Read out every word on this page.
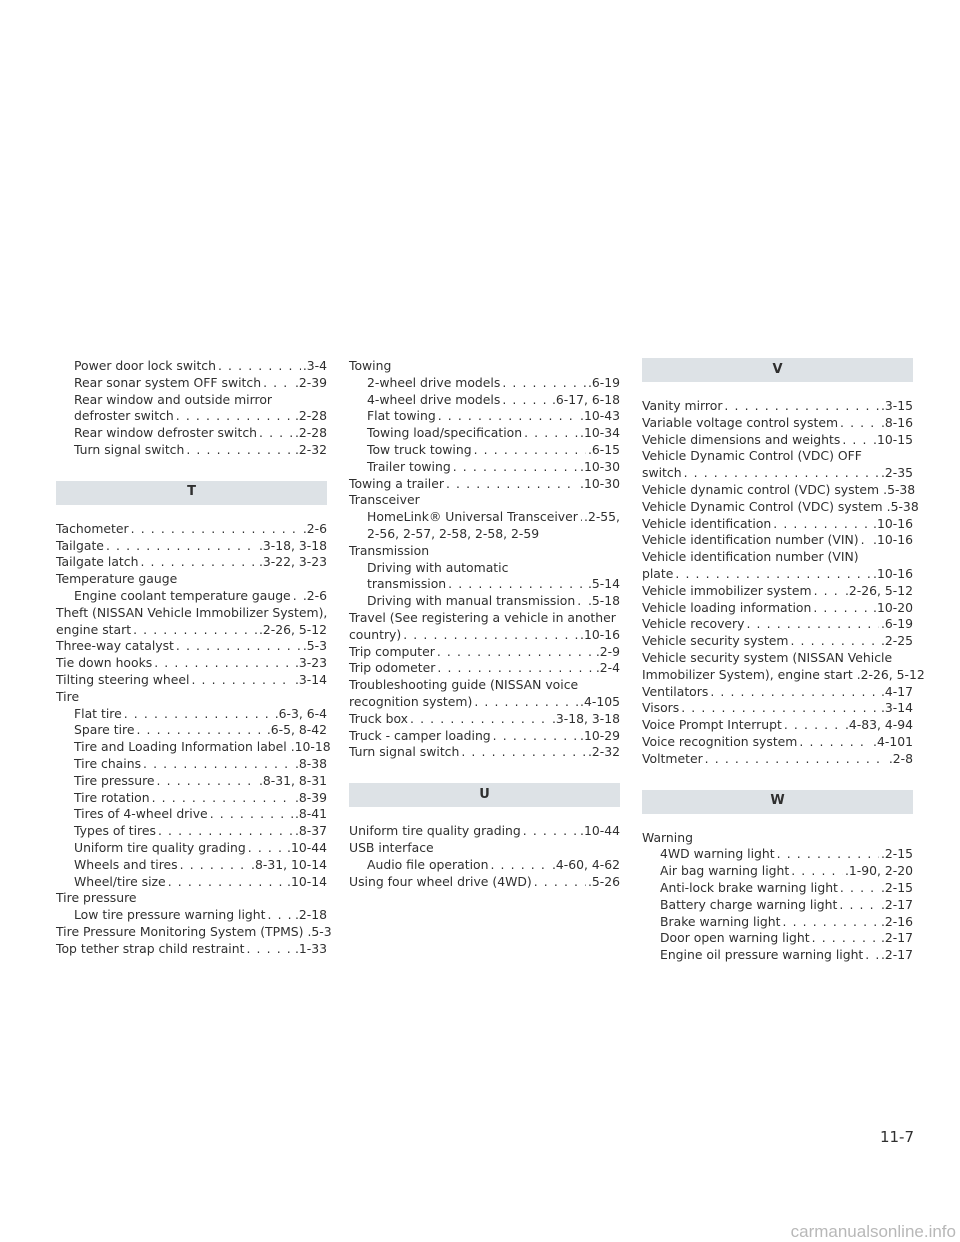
Power door lock switch . . .	.3-4
Rear sonar system OFF switch . . .	.2-39
Rear window and outside mirror
defroster switch . . .	.2-28
Rear window defroster switch . . .	.2-28
Turn signal switch . . .	.2-32
T
Tachometer . . .	.2-6
Tailgate . . .	.3-18, 3-18
Tailgate latch . . .	.3-22, 3-23
Temperature gauge
Engine coolant temperature gauge . . . .2-6
Theft (NISSAN Vehicle Immobilizer System),
engine start . . .	.2-26, 5-12
Three-way catalyst . . .	.5-3
Tie down hooks . . .	.3-23
Tilting steering wheel . . .	.3-14
Tire
Flat tire . . .	.6-3, 6-4
Spare tire . . .	.6-5, 8-42
Tire and Loading Information label .10-18
Tire chains . . .	.8-38
Tire pressure . . .	.8-31, 8-31
Tire rotation . . .	.8-39
Tires of 4-wheel drive . . .	.8-41
Types of tires . . .	.8-37
Uniform tire quality grading . . .	.10-44
Wheels and tires . . .	.8-31, 10-14
Wheel/tire size . . .	.10-14
Tire pressure
Low tire pressure warning light . . . .2-18
Tire Pressure Monitoring System (TPMS) .5-3
Top tether strap child restraint . . .	.1-33
Towing
2-wheel drive models . . .	.6-19
4-wheel drive models . . .	.6-17, 6-18
Flat towing . . .	.10-43
Towing load/specification . . .	.10-34
Tow truck towing . . .	.6-15
Trailer towing . . .	.10-30
Towing a trailer . . .	.10-30
Transceiver
HomeLink® Universal Transceiver . . . .2-55,
2-56, 2-57, 2-58, 2-58, 2-59
Transmission
Driving with automatic
transmission . . .	.5-14
Driving with manual transmission . . . .5-18
Travel (See registering a vehicle in another
country) . . .	.10-16
Trip computer . . .	.2-9
Trip odometer . . .	.2-4
Troubleshooting guide (NISSAN voice
recognition system) . . .	.4-105
Truck box . . .	.3-18, 3-18
Truck - camper loading . . .	.10-29
Turn signal switch . . .	.2-32
U
Uniform tire quality grading . . .	.10-44
USB interface
Audio file operation . . .	.4-60, 4-62
Using four wheel drive (4WD) . . .	.5-26
V
Vanity mirror . . .	.3-15
Variable voltage control system . . .	.8-16
Vehicle dimensions and weights . . .	.10-15
Vehicle Dynamic Control (VDC) OFF
switch . . .	.2-35
Vehicle dynamic control (VDC) system .5-38
Vehicle Dynamic Control (VDC) system .5-38
Vehicle identification . . .	.10-16
Vehicle identification number (VIN) . . . .10-16
Vehicle identification number (VIN)
plate . . .	.10-16
Vehicle immobilizer system . . .	.2-26, 5-12
Vehicle loading information . . .	.10-20
Vehicle recovery . . .	.6-19
Vehicle security system . . .	.2-25
Vehicle security system (NISSAN Vehicle
Immobilizer System), engine start .2-26, 5-12
Ventilators . . .	.4-17
Visors . . .	.3-14
Voice Prompt Interrupt . . .	.4-83, 4-94
Voice recognition system . . .	.4-101
Voltmeter . . .	.2-8
W
Warning
4WD warning light . . .	.2-15
Air bag warning light . . .	.1-90, 2-20
Anti-lock brake warning light . . .	.2-15
Battery charge warning light . . .	.2-17
Brake warning light . . .	.2-16
Door open warning light . . .	.2-17
Engine oil pressure warning light . . . .2-17
11-7
carmanualsonline.info
